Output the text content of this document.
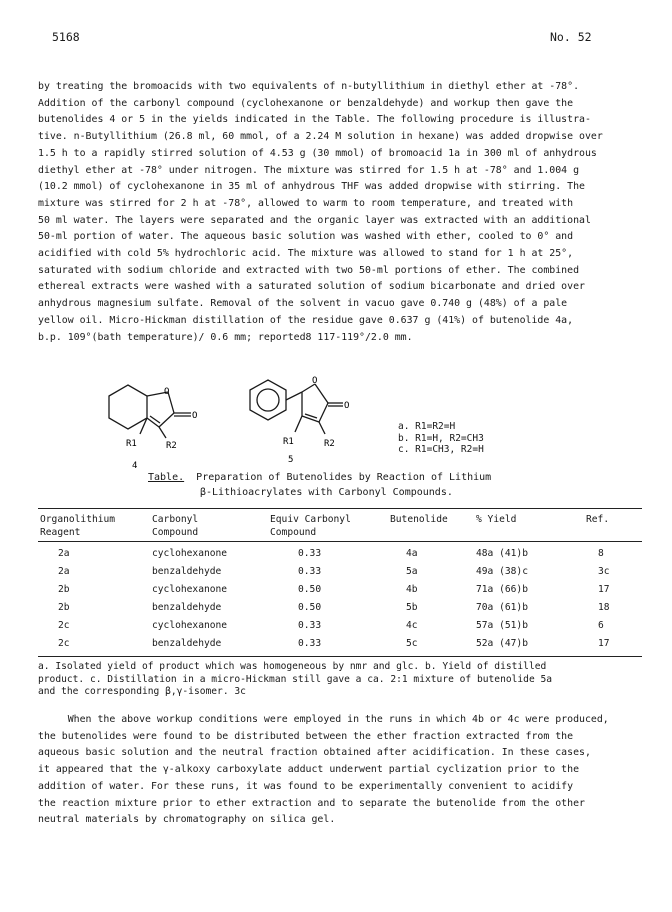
5168	No. 52
by treating the bromoacids with two equivalents of n-butyllithium in diethyl ether at -78°.
Addition of the carbonyl compound (cyclohexanone or benzaldehyde) and workup then gave the
butenolides 4 or 5 in the yields indicated in the Table. The following procedure is illustra-
tive. n-Butyllithium (26.8 ml, 60 mmol, of a 2.24 M solution in hexane) was added dropwise over
1.5 h to a rapidly stirred solution of 4.53 g (30 mmol) of bromoacid 1a in 300 ml of anhydrous
diethyl ether at -78° under nitrogen. The mixture was stirred for 1.5 h at -78° and 1.004 g
(10.2 mmol) of cyclohexanone in 35 ml of anhydrous THF was added dropwise with stirring. The
mixture was stirred for 2 h at -78°, allowed to warm to room temperature, and treated with
50 ml water. The layers were separated and the organic layer was extracted with an additional
50-ml portion of water. The aqueous basic solution was washed with ether, cooled to 0° and
acidified with cold 5% hydrochloric acid. The mixture was allowed to stand for 1 h at 25°,
saturated with sodium chloride and extracted with two 50-ml portions of ether. The combined
ethereal extracts were washed with a saturated solution of sodium bicarbonate and dried over
anhydrous magnesium sulfate. Removal of the solvent in vacuo gave 0.740 g (48%) of a pale
yellow oil. Micro-Hickman distillation of the residue gave 0.637 g (41%) of butenolide 4a,
b.p. 109°(bath temperature)/ 0.6 mm; reported8 117-119°/2.0 mm.
O
O
R1	R2
4
O
O
R1	R2
5
a. R1=R2=H
b. R1=H, R2=CH3
c. R1=CH3, R2=H
Table. Preparation of Butenolides by Reaction of Lithium
β-Lithioacrylates with Carbonyl Compounds.
Organolithium
Reagent
Carbonyl
Compound
Equiv Carbonyl
Compound
Butenolide	% Yield	Ref.
2a	cyclohexanone	0.33	4a	48a (41)b	8
2a	benzaldehyde	0.33	5a	49a (38)c	3c
2b	cyclohexanone	0.50	4b	71a (66)b	17
2b	benzaldehyde	0.50	5b	70a (61)b	18
2c	cyclohexanone	0.33	4c	57a (51)b	6
2c	benzaldehyde	0.33	5c	52a (47)b	17
a. Isolated yield of product which was homogeneous by nmr and glc. b. Yield of distilled
product. c. Distillation in a micro-Hickman still gave a ca. 2:1 mixture of butenolide 5a
and the corresponding β,γ-isomer. 3c
When the above workup conditions were employed in the runs in which 4b or 4c were produced,
the butenolides were found to be distributed between the ether fraction extracted from the
aqueous basic solution and the neutral fraction obtained after acidification. In these cases,
it appeared that the γ-alkoxy carboxylate adduct underwent partial cyclization prior to the
addition of water. For these runs, it was found to be experimentally convenient to acidify
the reaction mixture prior to ether extraction and to separate the butenolide from the other
neutral materials by chromatography on silica gel.
